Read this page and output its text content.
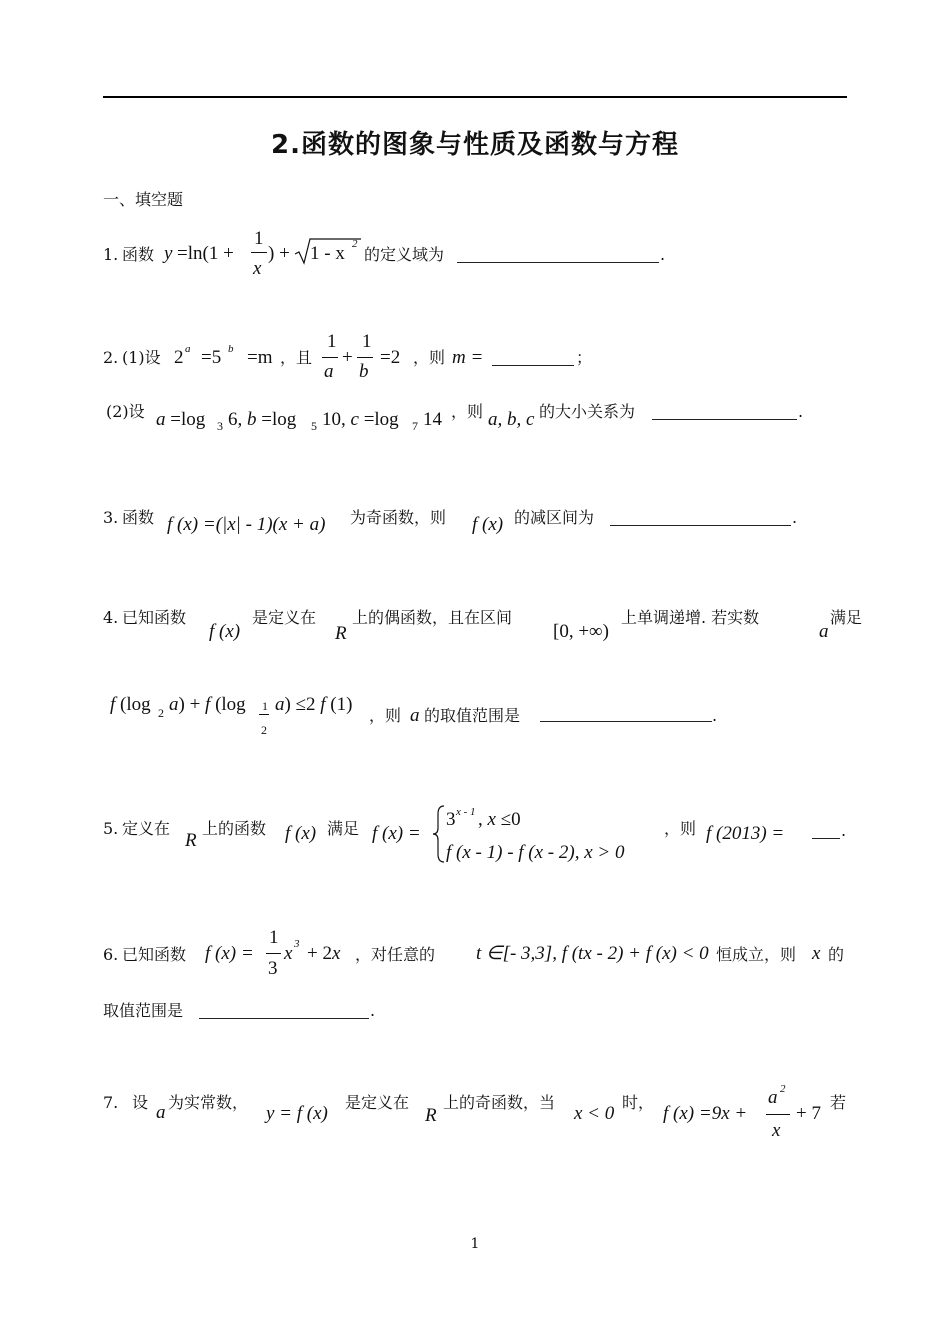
2.函数的图象与性质及函数与方程
一、填空题
1. 函数 y =ln(1 +
1
x
) + 1 - x 2
的定义域为	.
2. (1)设 2 a =5 b =m ，且
1
a
+
1
b
=2 ，则 m =	；
(2)设 a =log 3 6, b =log 5 10, c =log 7 14 ，则 a, b, c 的大小关系为	.
3. 函数 f (x) =(|x| - 1)(x + a) 为奇函数，则 f (x) 的减区间为	.
4. 已知函数
f (x)
是定义在
R
上的偶函数，且在区间
[0, +∞)
上单调递增. 若实数
a
满足
f (log 2 a) + f (log 1
2
a) ≤2 f (1)
，则 a 的取值范围是	.
5. 定义在
R
上的函数 f (x) 满足 f (x) =
3 x - 1 , x ≤0
f (x - 1) - f (x - 2), x > 0
，则 f (2013) =	.
6. 已知函数 f (x) =
1
3
x 3 + 2x ，对任意的 t ∈[- 3,3], f (tx - 2) + f (x) < 0 恒成立，则 x 的
取值范围是	.
7. 设 a 为实常数，
y = f (x)
是定义在
R
上的奇函数，当
x < 0
时，
f (x) =9x +
a 2
x
+ 7
若
1
